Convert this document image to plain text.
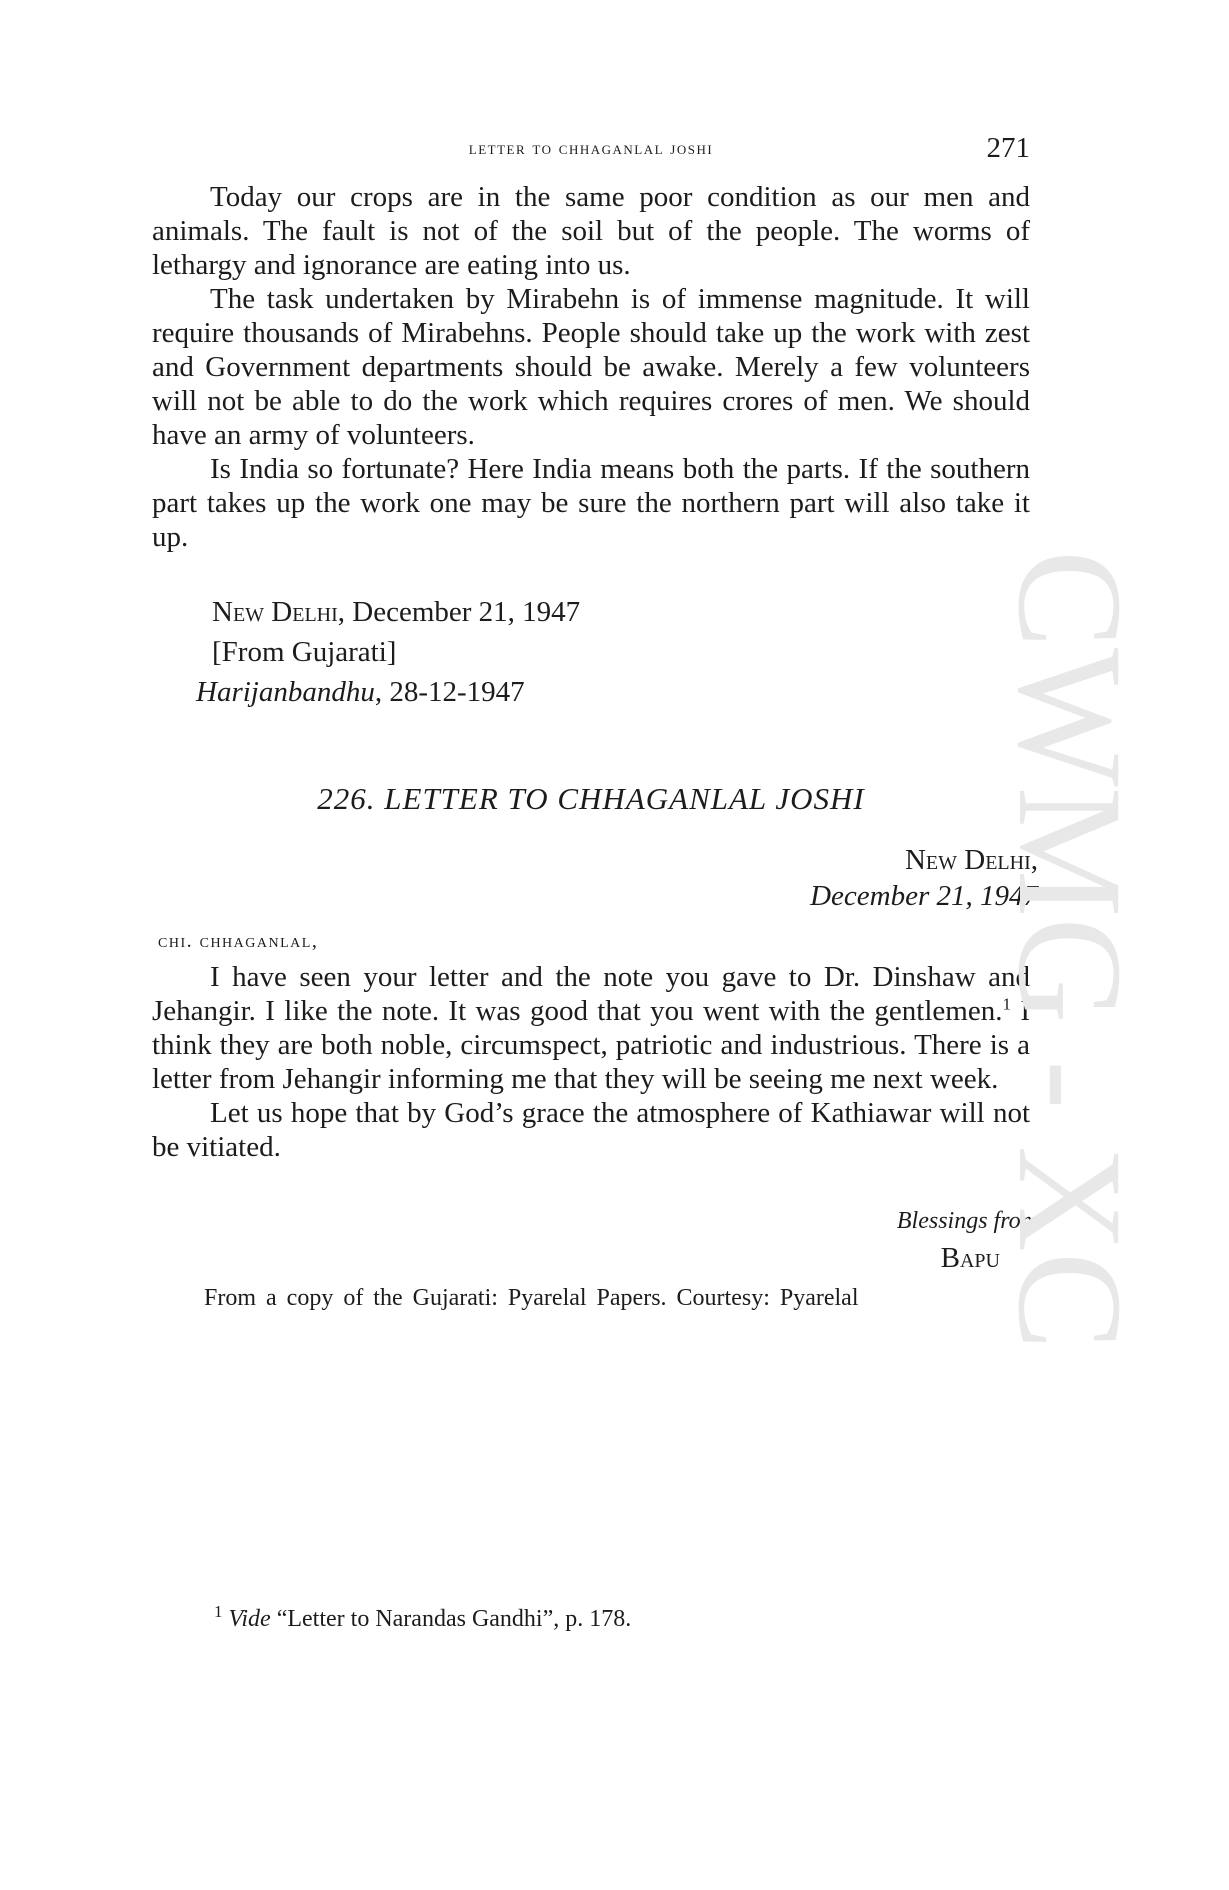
letter to chhaganlal joshi	271

Today our crops are in the same poor condition as our men and animals. The fault is not of the soil but of the people. The worms of lethargy and ignorance are eating into us.

The task undertaken by Mirabehn is of immense magnitude. It will require thousands of Mirabehns. People should take up the work with zest and Government departments should be awake. Merely a few volunteers will not be able to do the work which requires crores of men. We should have an army of volunteers.

Is India so fortunate? Here India means both the parts. If the southern part takes up the work one may be sure the northern part will also take it up.

New Delhi, December 21, 1947
[From Gujarati]
Harijanbandhu, 28-12-1947
226. LETTER TO CHHAGANLAL JOSHI
New Delhi,
December 21, 1947
chi. chhaganlal,

I have seen your letter and the note you gave to Dr. Dinshaw and Jehangir. I like the note. It was good that you went with the gentlemen.$^1$ I think they are both noble, circumspect, patriotic and industrious. There is a letter from Jehangir informing me that they will be seeing me next week.

Let us hope that by God’s grace the atmosphere of Kathiawar will not be vitiated.

Blessings from
Bapu
From a copy of the Gujarati: Pyarelal Papers. Courtesy: Pyarelal
$^1$ Vide “Letter to Narandas Gandhi”, p. 178.
CWMG XC
